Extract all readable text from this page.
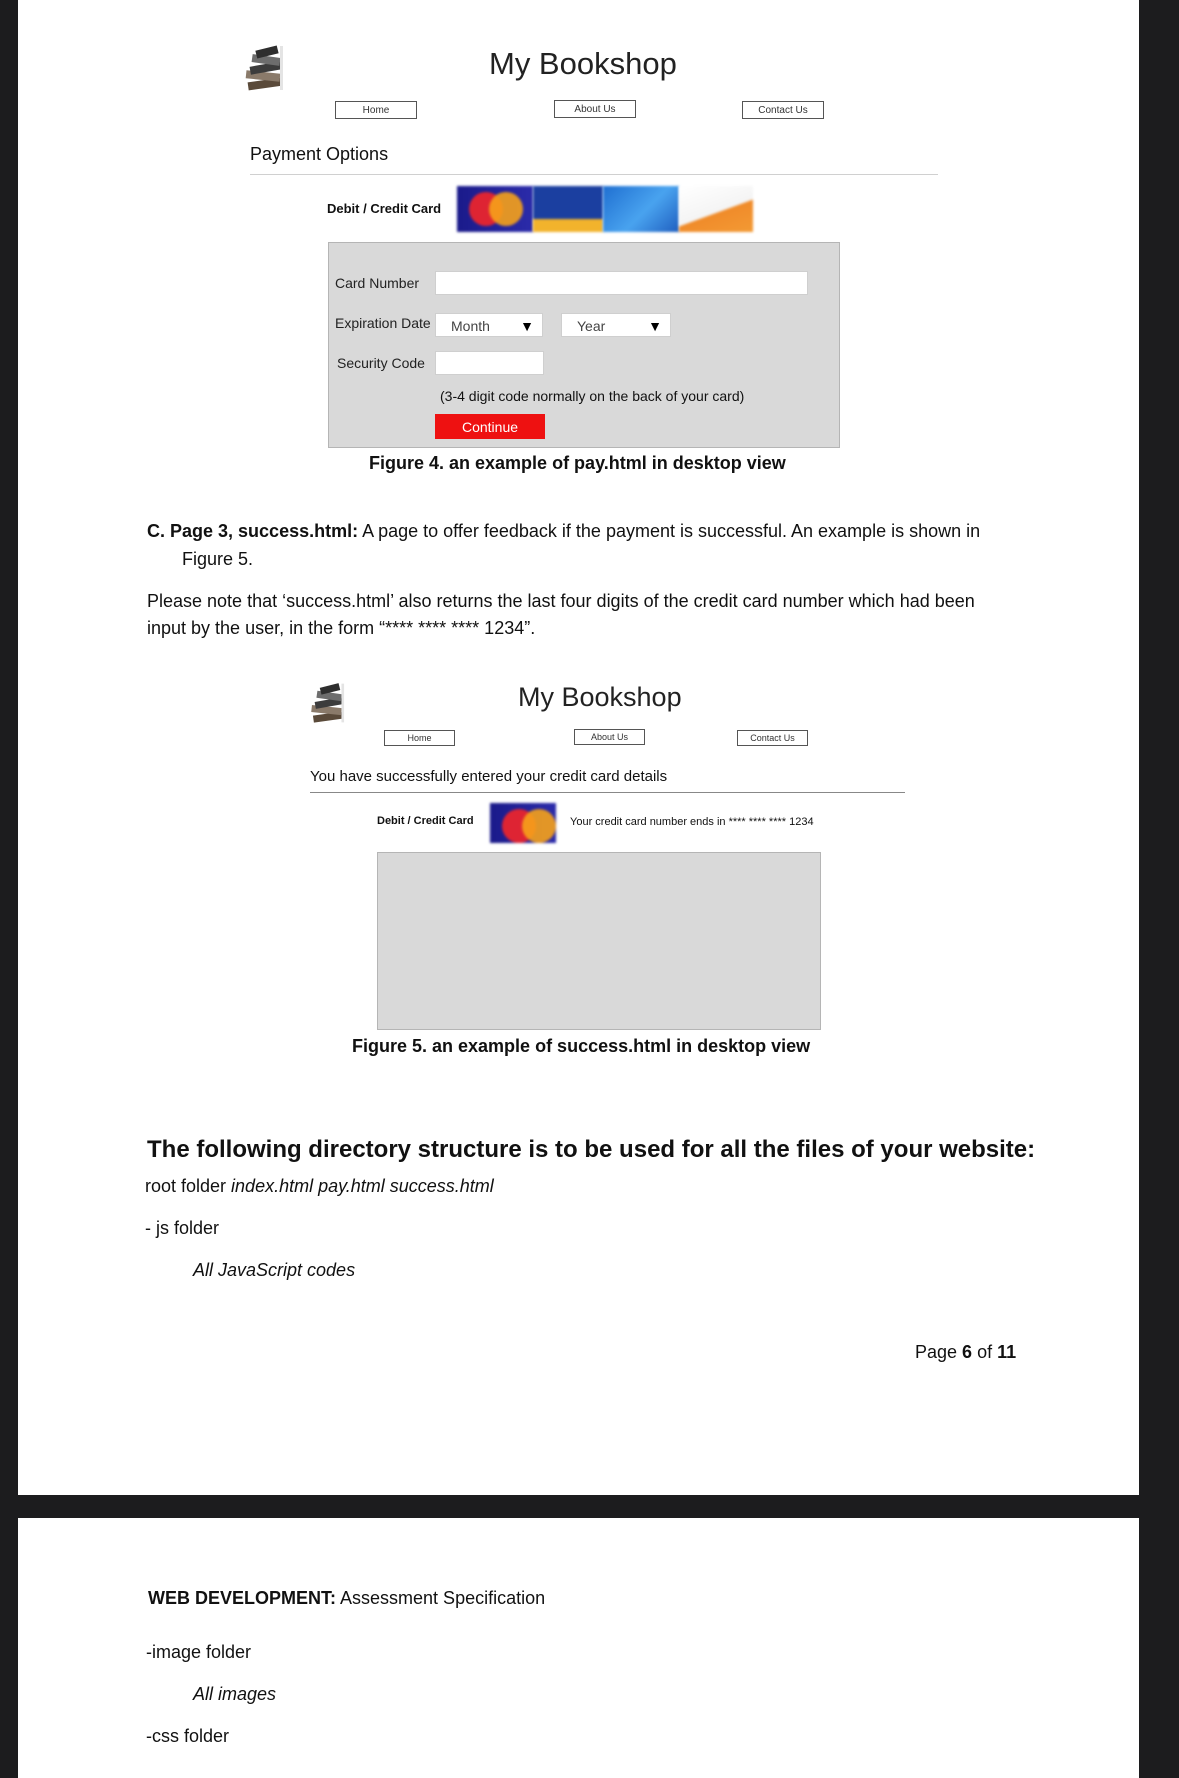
My Bookshop
Home	About Us	Contact Us
Payment Options
Debit / Credit Card
Card Number
Expiration Date	Month ▼	Year	▼
Security Code
(3-4 digit code normally on the back of your card)
Continue
Figure 4. an example of pay.html in desktop view
C. Page 3, success.html: A page to offer feedback if the payment is successful. An example is shown in
Figure 5.
Please note that ‘success.html’ also returns the last four digits of the credit card number which had been
input by the user, in the form “**** **** **** 1234”.
My Bookshop
Home	About Us	Contact Us
You have successfully entered your credit card details
Debit / Credit Card	Your credit card number ends in **** **** **** 1234
Figure 5. an example of success.html in desktop view
The following directory structure is to be used for all the files of your website:
root folder index.html pay.html success.html
- js folder
All JavaScript codes
Page 6 of 11
WEB DEVELOPMENT: Assessment Specification
-image folder
All images
-css folder
